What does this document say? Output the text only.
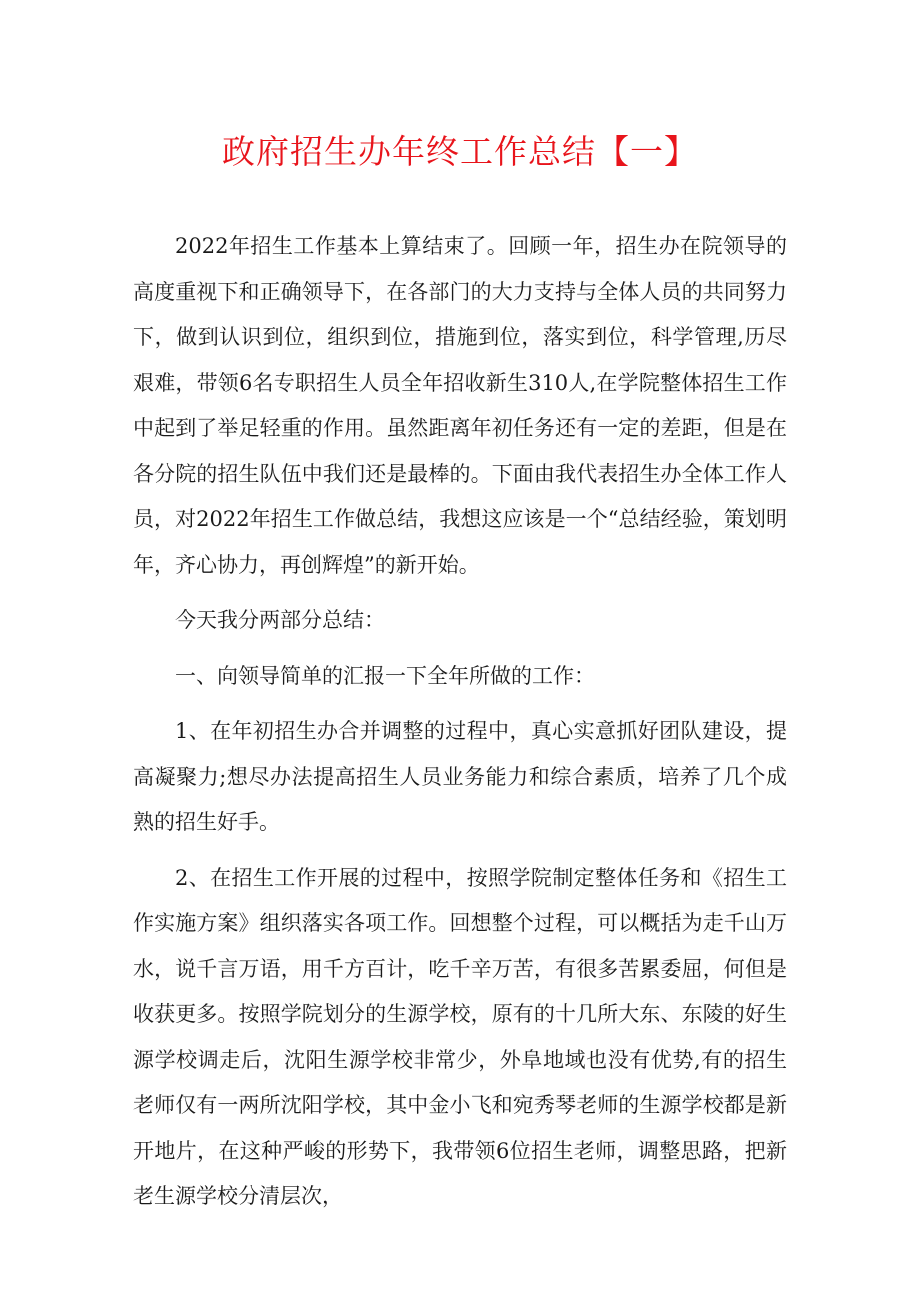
政府招生办年终工作总结【一】

2022年招生工作基本上算结束了。回顾一年，招生办在院领导的高度重视下和正确领导下，在各部门的大力支持与全体人员的共同努力下，做到认识到位，组织到位，措施到位，落实到位，科学管理,历尽艰难，带领6名专职招生人员全年招收新生310人,在学院整体招生工作中起到了举足轻重的作用。虽然距离年初任务还有一定的差距，但是在各分院的招生队伍中我们还是最棒的。下面由我代表招生办全体工作人员，对2022年招生工作做总结，我想这应该是一个“总结经验，策划明年，齐心协力，再创辉煌”的新开始。

今天我分两部分总结：

一、向领导简单的汇报一下全年所做的工作：

1、在年初招生办合并调整的过程中，真心实意抓好团队建设，提高凝聚力;想尽办法提高招生人员业务能力和综合素质，培养了几个成熟的招生好手。

2、在招生工作开展的过程中，按照学院制定整体任务和《招生工作实施方案》组织落实各项工作。回想整个过程，可以概括为走千山万水，说千言万语，用千方百计，吃千辛万苦，有很多苦累委屈，何但是收获更多。按照学院划分的生源学校，原有的十几所大东、东陵的好生源学校调走后，沈阳生源学校非常少，外阜地域也没有优势,有的招生老师仅有一两所沈阳学校，其中金小飞和宛秀琴老师的生源学校都是新开地片，在这种严峻的形势下，我带领6位招生老师，调整思路，把新老生源学校分清层次，
